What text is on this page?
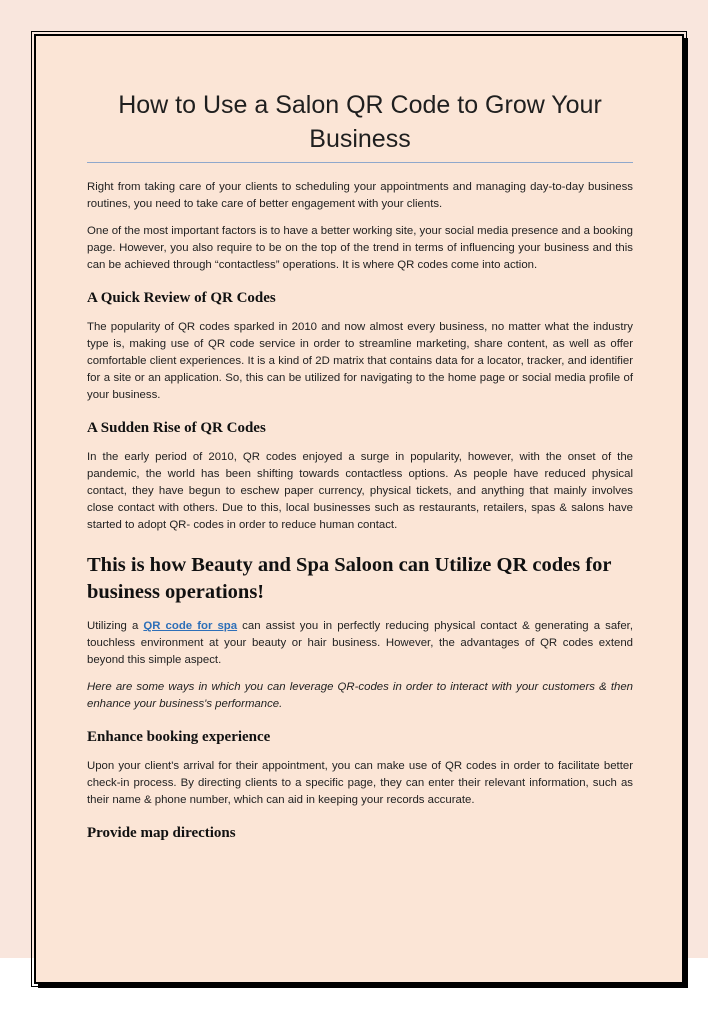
How to Use a Salon QR Code to Grow Your Business

Right from taking care of your clients to scheduling your appointments and managing day-to-day business routines, you need to take care of better engagement with your clients.

One of the most important factors is to have a better working site, your social media presence and a booking page. However, you also require to be on the top of the trend in terms of influencing your business and this can be achieved through “contactless” operations. It is where QR codes come into action.

A Quick Review of QR Codes

The popularity of QR codes sparked in 2010 and now almost every business, no matter what the industry type is, making use of QR code service in order to streamline marketing, share content, as well as offer comfortable client experiences. It is a kind of 2D matrix that contains data for a locator, tracker, and identifier for a site or an application. So, this can be utilized for navigating to the home page or social media profile of your business.

A Sudden Rise of QR Codes

In the early period of 2010, QR codes enjoyed a surge in popularity, however, with the onset of the pandemic, the world has been shifting towards contactless options. As people have reduced physical contact, they have begun to eschew paper currency, physical tickets, and anything that mainly involves close contact with others. Due to this, local businesses such as restaurants, retailers, spas & salons have started to adopt QR- codes in order to reduce human contact.

This is how Beauty and Spa Saloon can Utilize QR codes for business operations!

Utilizing a QR code for spa can assist you in perfectly reducing physical contact & generating a safer, touchless environment at your beauty or hair business. However, the advantages of QR codes extend beyond this simple aspect.

Here are some ways in which you can leverage QR-codes in order to interact with your customers & then enhance your business's performance.

Enhance booking experience

Upon your client's arrival for their appointment, you can make use of QR codes in order to facilitate better check-in process. By directing clients to a specific page, they can enter their relevant information, such as their name & phone number, which can aid in keeping your records accurate.

Provide map directions
